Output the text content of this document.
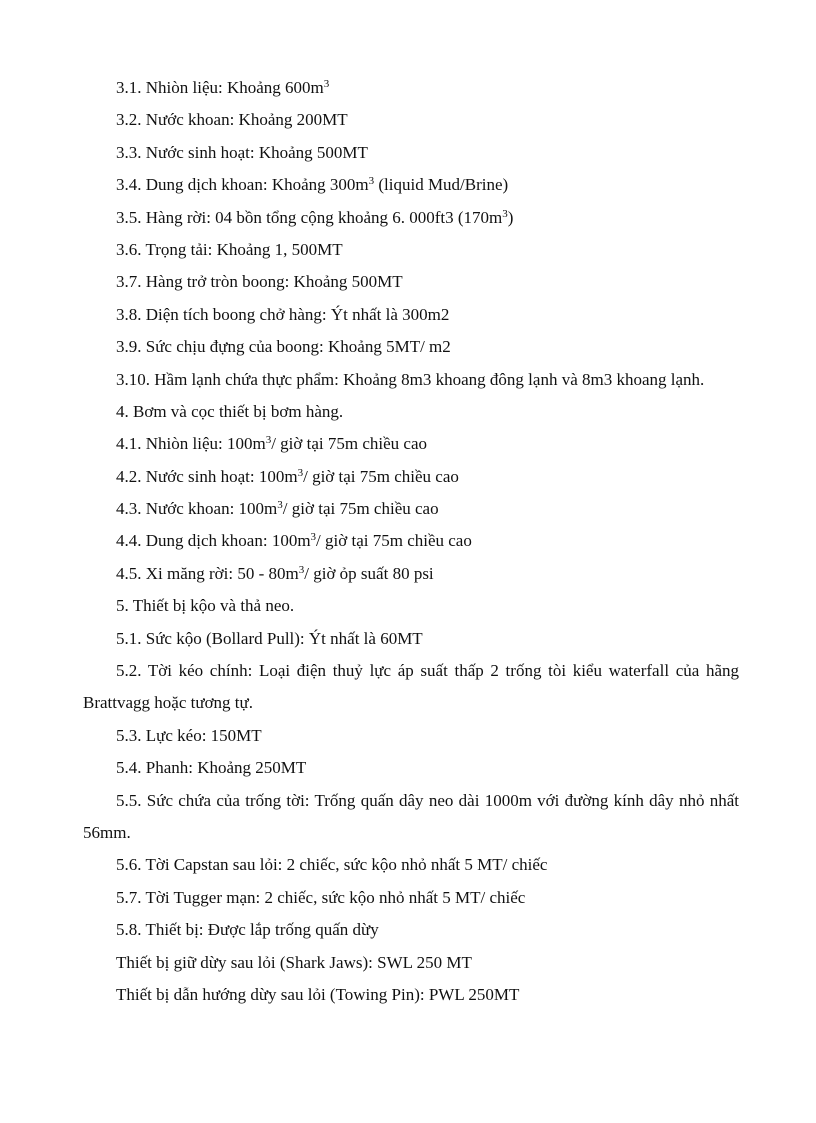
3.1. Nhiòn liệu: Khoảng $600m^3$
3.2. Nước khoan: Khoảng 200MT
3.3. Nước sinh hoạt: Khoảng 500MT
3.4. Dung dịch khoan: Khoảng $300m^3$ (liquid Mud/Brine)
3.5. Hàng rời: 04 bồn tổng cộng khoảng 6. 000ft3 $(170m^3)$
3.6. Trọng tải: Khoảng 1, 500MT
3.7. Hàng trở tròn boong: Khoảng 500MT
3.8. Diện tích boong chở hàng: Ýt nhất là 300m2
3.9. Sức chịu đựng của boong: Khoảng 5MT/ m2
3.10. Hầm lạnh chứa thực phẩm: Khoảng 8m3 khoang đông lạnh và 8m3 khoang lạnh.
4. Bơm và cọc thiết bị bơm hàng.
4.1. Nhiòn liệu: $100m^3/$ giờ tại 75m chiều cao
4.2. Nước sinh hoạt: $100m^3/$ giờ tại 75m chiều cao
4.3. Nước khoan: $100m^3/$ giờ tại 75m chiều cao
4.4. Dung dịch khoan: $100m^3/$ giờ tại 75m chiều cao
4.5. Xi măng rời: $50 - 80m^3/$ giờ ỏp suất 80 psi
5. Thiết bị kộo và thả neo.
5.1. Sức kộo (Bollard Pull): Ýt nhất là 60MT
5.2. Tời kéo chính: Loại điện thuỷ lực áp suất thấp 2 trống tòi kiểu waterfall của hãng Brattvagg hoặc tương tự.
5.3. Lực kéo: 150MT
5.4. Phanh: Khoảng 250MT
5.5. Sức chứa của trống tời: Trống quấn dây neo dài 1000m với đường kính dây nhỏ nhất 56mm.
5.6. Tời Capstan sau lỏi: 2 chiếc, sức kộo nhỏ nhất 5 MT/ chiếc
5.7. Tời Tugger mạn: 2 chiếc, sức kộo nhỏ nhất 5 MT/ chiếc
5.8. Thiết bị: Được lắp trống quấn dừy
Thiết bị giữ dừy sau lỏi (Shark Jaws): SWL 250 MT
Thiết bị dẫn hướng dừy sau lỏi (Towing Pin): PWL 250MT
